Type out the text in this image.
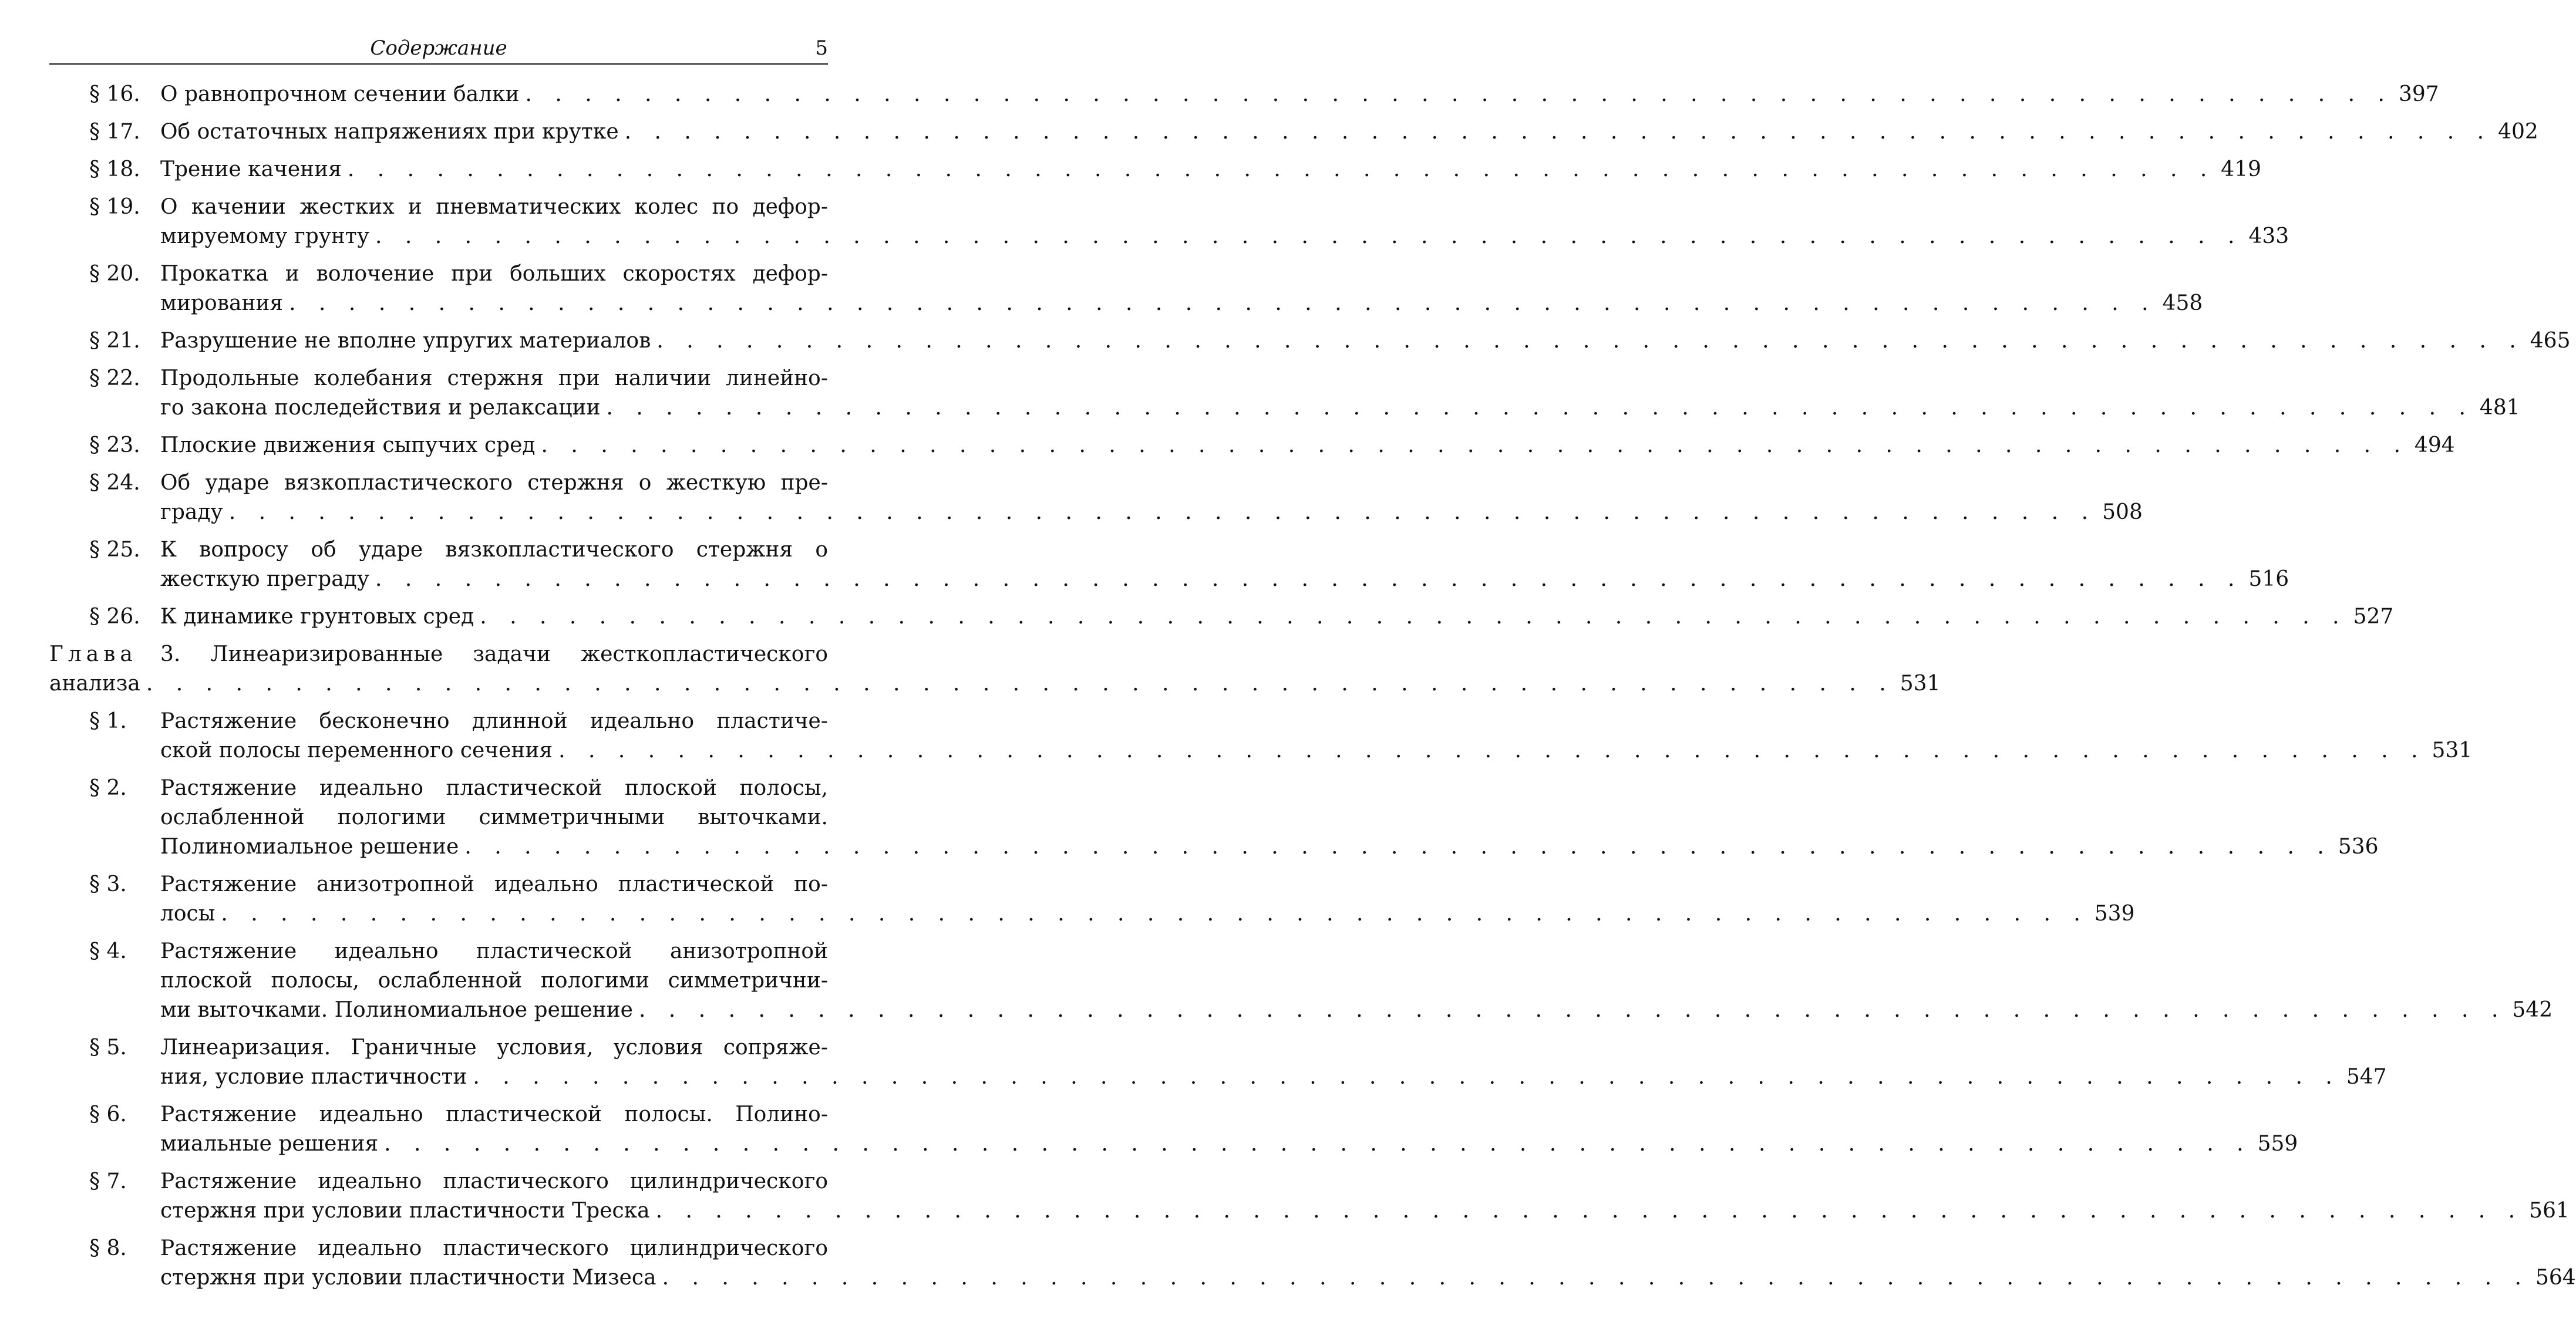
Содержание	5
§ 16. О равнопрочном сечении балки . . . . . . . . . . . . . . . . . . . . . . . . . . . . . . . . . . . . . . . . . . . . . . . . . . . . . . . . . . . . . . . 397
§ 17. Об остаточных напряжениях при крутке . . . . . . . . . . . . . . . . . . . . . . . . . . . . . . . . . . . . . . . . . . . . . . . . . . . . . . . . . . . . . . . 402
§ 18. Трение качения . . . . . . . . . . . . . . . . . . . . . . . . . . . . . . . . . . . . . . . . . . . . . . . . . . . . . . . . . . . . . . . 419
§ 19. О качении жестких и пневматических колес по дефор-
мируемому грунту . . . . . . . . . . . . . . . . . . . . . . . . . . . . . . . . . . . . . . . . . . . . . . . . . . . . . . . . . . . . . . . 433
§ 20. Прокатка и волочение при больших скоростях дефор-
мирования . . . . . . . . . . . . . . . . . . . . . . . . . . . . . . . . . . . . . . . . . . . . . . . . . . . . . . . . . . . . . . . 458
§ 21. Разрушение не вполне упругих материалов . . . . . . . . . . . . . . . . . . . . . . . . . . . . . . . . . . . . . . . . . . . . . . . . . . . . . . . . . . . . . . . 465
§ 22. Продольные колебания стержня при наличии линейно-
го закона последействия и релаксации . . . . . . . . . . . . . . . . . . . . . . . . . . . . . . . . . . . . . . . . . . . . . . . . . . . . . . . . . . . . . . . 481
§ 23. Плоские движения сыпучих сред . . . . . . . . . . . . . . . . . . . . . . . . . . . . . . . . . . . . . . . . . . . . . . . . . . . . . . . . . . . . . . . 494
§ 24. Об ударе вязкопластического стержня о жесткую пре-
граду . . . . . . . . . . . . . . . . . . . . . . . . . . . . . . . . . . . . . . . . . . . . . . . . . . . . . . . . . . . . . . . 508
§ 25. К вопросу об ударе вязкопластического стержня о
жесткую преграду . . . . . . . . . . . . . . . . . . . . . . . . . . . . . . . . . . . . . . . . . . . . . . . . . . . . . . . . . . . . . . . 516
§ 26. К динамике грунтовых сред . . . . . . . . . . . . . . . . . . . . . . . . . . . . . . . . . . . . . . . . . . . . . . . . . . . . . . . . . . . . . . . 527
Глава	3. Линеаризированные задачи жесткопластического
анализа . . . . . . . . . . . . . . . . . . . . . . . . . . . . . . . . . . . . . . . . . . . . . . . . . . . . . . . . . . . 531
§ 1. Растяжение бесконечно длинной идеально пластиче-
ской полосы переменного сечения . . . . . . . . . . . . . . . . . . . . . . . . . . . . . . . . . . . . . . . . . . . . . . . . . . . . . . . . . . . . . . . 531
§ 2. Растяжение идеально пластической плоской полосы,
ослабленной пологими симметричными выточками.
Полиномиальное решение . . . . . . . . . . . . . . . . . . . . . . . . . . . . . . . . . . . . . . . . . . . . . . . . . . . . . . . . . . . . . . . 536
§ 3. Растяжение анизотропной идеально пластической по-
лосы . . . . . . . . . . . . . . . . . . . . . . . . . . . . . . . . . . . . . . . . . . . . . . . . . . . . . . . . . . . . . . . 539
§ 4. Растяжение идеально пластической анизотропной
плоской полосы, ослабленной пологими симметрични-
ми выточками. Полиномиальное решение . . . . . . . . . . . . . . . . . . . . . . . . . . . . . . . . . . . . . . . . . . . . . . . . . . . . . . . . . . . . . . . 542
§ 5. Линеаризация. Граничные условия, условия сопряже-
ния, условие пластичности . . . . . . . . . . . . . . . . . . . . . . . . . . . . . . . . . . . . . . . . . . . . . . . . . . . . . . . . . . . . . . . 547
§ 6. Растяжение идеально пластической полосы. Полино-
миальные решения . . . . . . . . . . . . . . . . . . . . . . . . . . . . . . . . . . . . . . . . . . . . . . . . . . . . . . . . . . . . . . . 559
§ 7. Растяжение идеально пластического цилиндрического
стержня при условии пластичности Треска . . . . . . . . . . . . . . . . . . . . . . . . . . . . . . . . . . . . . . . . . . . . . . . . . . . . . . . . . . . . . . . 561
§ 8. Растяжение идеально пластического цилиндрического
стержня при условии пластичности Мизеса . . . . . . . . . . . . . . . . . . . . . . . . . . . . . . . . . . . . . . . . . . . . . . . . . . . . . . . . . . . . . . . 564
